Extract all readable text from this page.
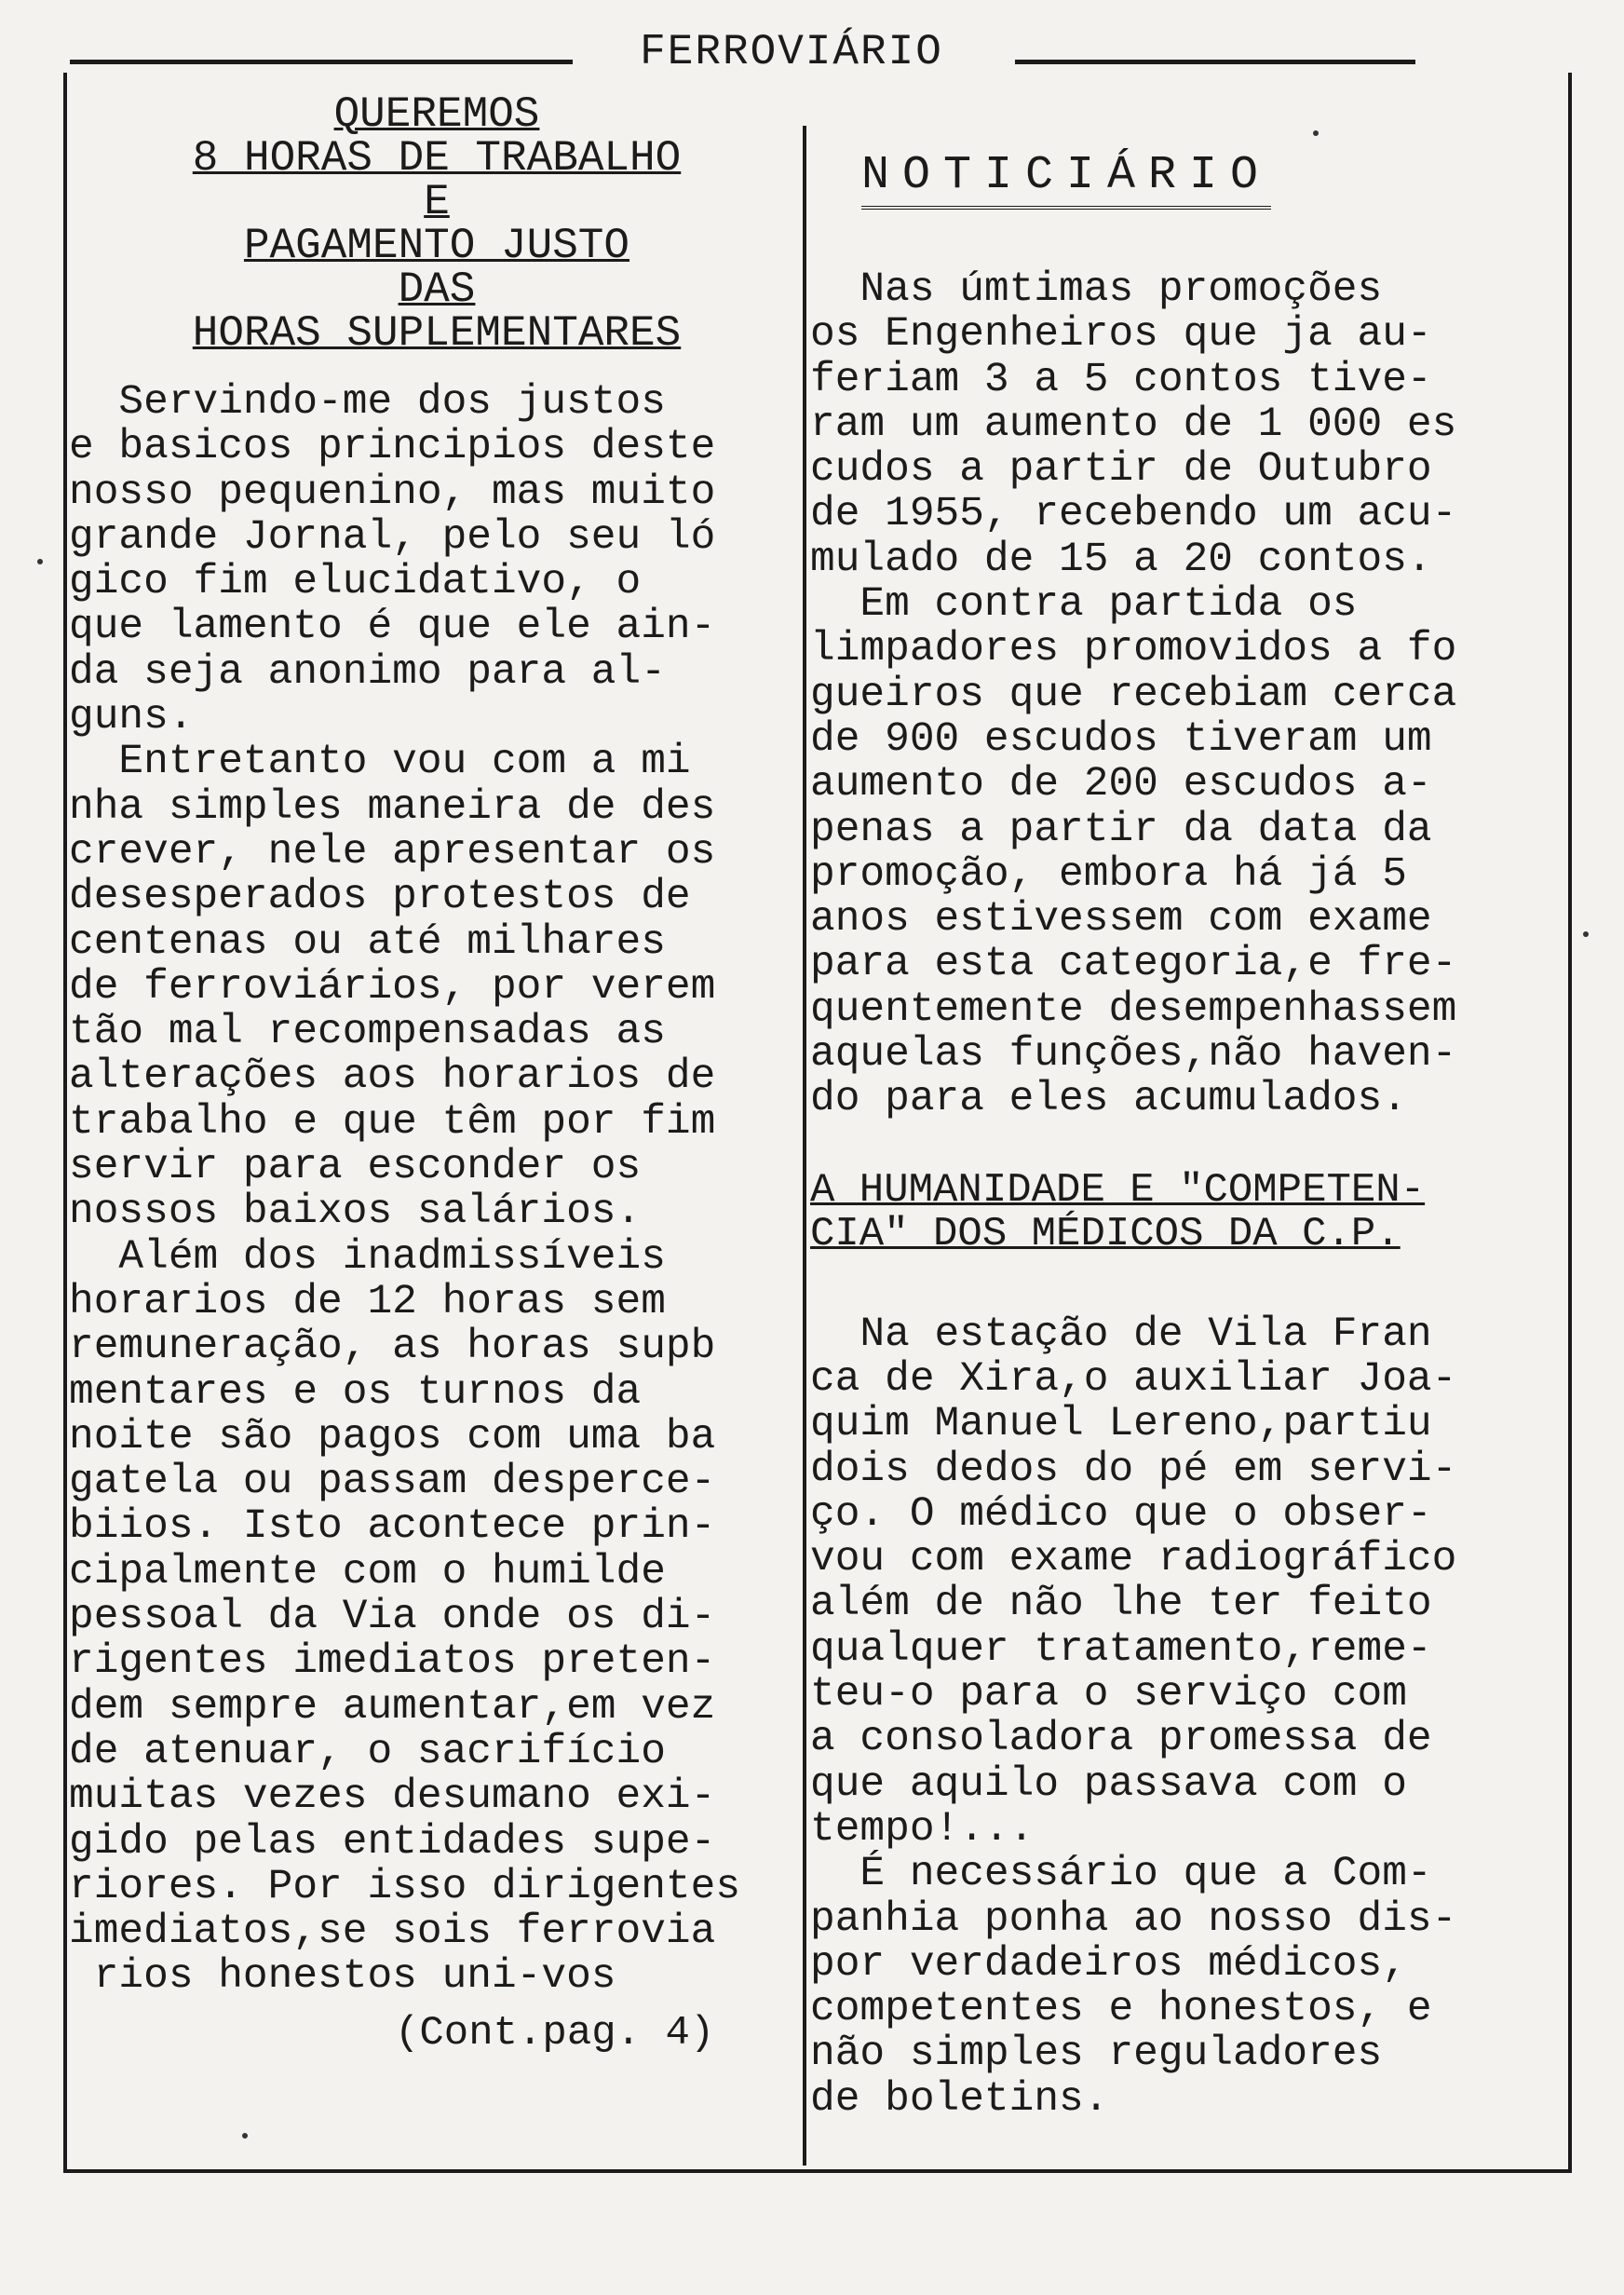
FERROVIÁRIO
QUEREMOS
8 HORAS DE TRABALHO
E
PAGAMENTO JUSTO
DAS
HORAS SUPLEMENTARES
Servindo-me dos justos
e basicos principios deste
nosso pequenino, mas muito
grande Jornal, pelo seu ló
gico fim elucidativo, o
que lamento é que ele ain-
da seja anonimo para al-
guns.
Entretanto vou com a mi
nha simples maneira de des
crever, nele apresentar os
desesperados protestos de
centenas ou até milhares
de ferroviários, por verem
tão mal recompensadas as
alterações aos horarios de
trabalho e que têm por fim
servir para esconder os
nossos baixos salários.
Além dos inadmissíveis
horarios de 12 horas sem
remuneração, as horas supb
mentares e os turnos da
noite são pagos com uma ba
gatela ou passam desperce-
biios. Isto acontece prin-
cipalmente com o humilde
pessoal da Via onde os di-
rigentes imediatos preten-
dem sempre aumentar,em vez
de atenuar, o sacrifício
muitas vezes desumano exi-
gido pelas entidades supe-
riores. Por isso dirigentes
imediatos,se sois ferrovia
rios honestos uni-vos
(Cont.pag. 4)
NOTICIÁRIO
Nas úmtimas promoções
os Engenheiros que ja au-
feriam 3 a 5 contos tive-
ram um aumento de 1 000 es
cudos a partir de Outubro
de 1955, recebendo um acu-
mulado de 15 a 20 contos.
Em contra partida os
limpadores promovidos a fo
gueiros que recebiam cerca
de 900 escudos tiveram um
aumento de 200 escudos a-
penas a partir da data da
promoção, embora há já 5
anos estivessem com exame
para esta categoria,e fre-
quentemente desempenhassem
aquelas funções,não haven-
do para eles acumulados.
A HUMANIDADE E "COMPETEN-
CIA" DOS MÉDICOS DA C.P.
Na estação de Vila Fran
ca de Xira,o auxiliar Joa-
quim Manuel Lereno,partiu
dois dedos do pé em servi-
ço. O médico que o obser-
vou com exame radiográfico
além de não lhe ter feito
qualquer tratamento,reme-
teu-o para o serviço com
a consoladora promessa de
que aquilo passava com o
tempo!...
É necessário que a Com-
panhia ponha ao nosso dis-
por verdadeiros médicos,
competentes e honestos, e
não simples reguladores
de boletins.
